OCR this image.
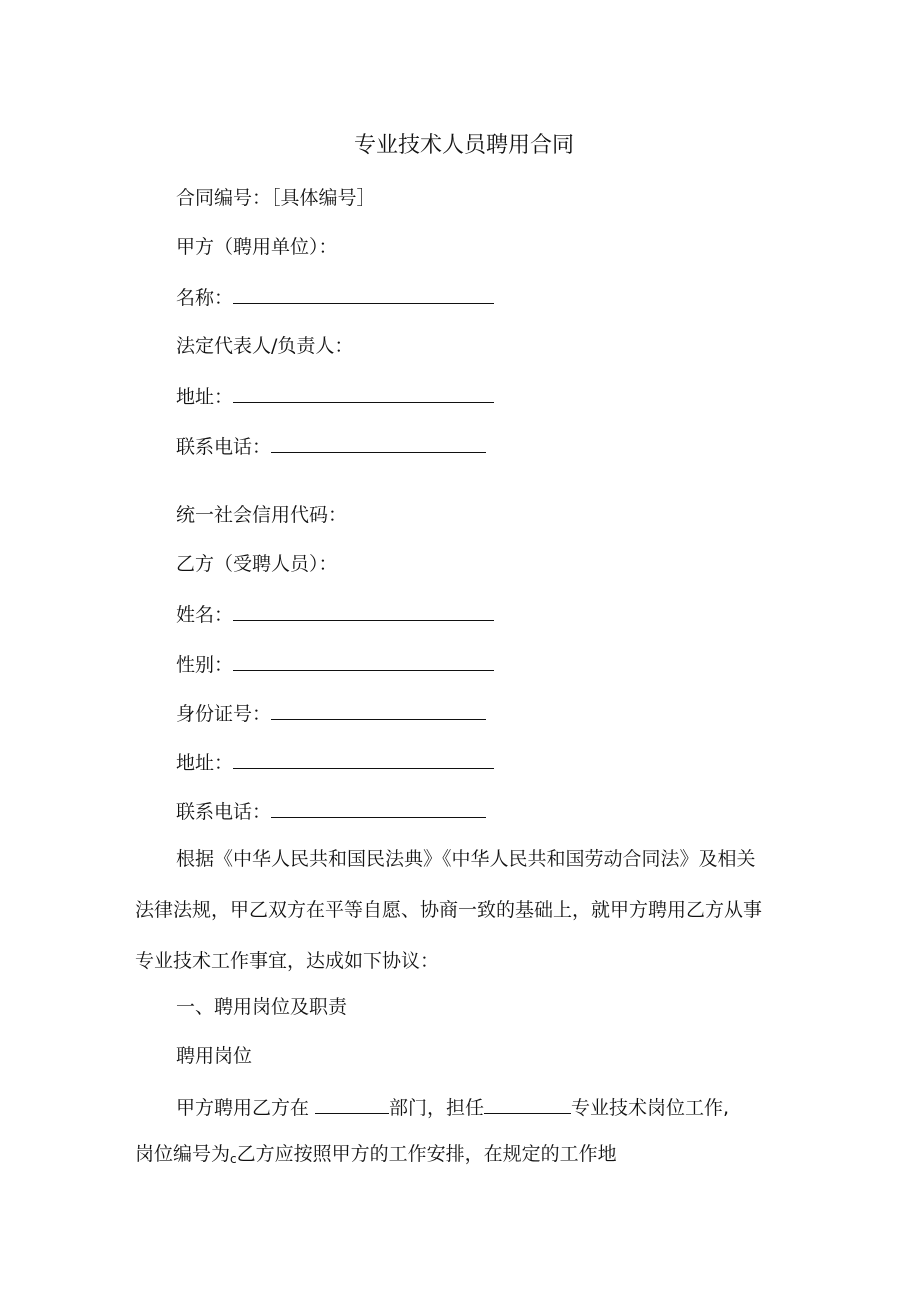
专业技术人员聘用合同
合同编号：［具体编号］
甲方（聘用单位）：
名称：
法定代表人/负责人：
地址：
联系电话：
统一社会信用代码：
乙方（受聘人员）：
姓名：
性别：
身份证号：
地址：
联系电话：
根据《中华人民共和国民法典》《中华人民共和国劳动合同法》及相关
法律法规，甲乙双方在平等自愿、协商一致的基础上，就甲方聘用乙方从事
专业技术工作事宜，达成如下协议：
一、聘用岗位及职责
聘用岗位
甲方聘用乙方在	部门，担任	专业技术岗位工作,
岗位编号为c乙方应按照甲方的工作安排，在规定的工作地
